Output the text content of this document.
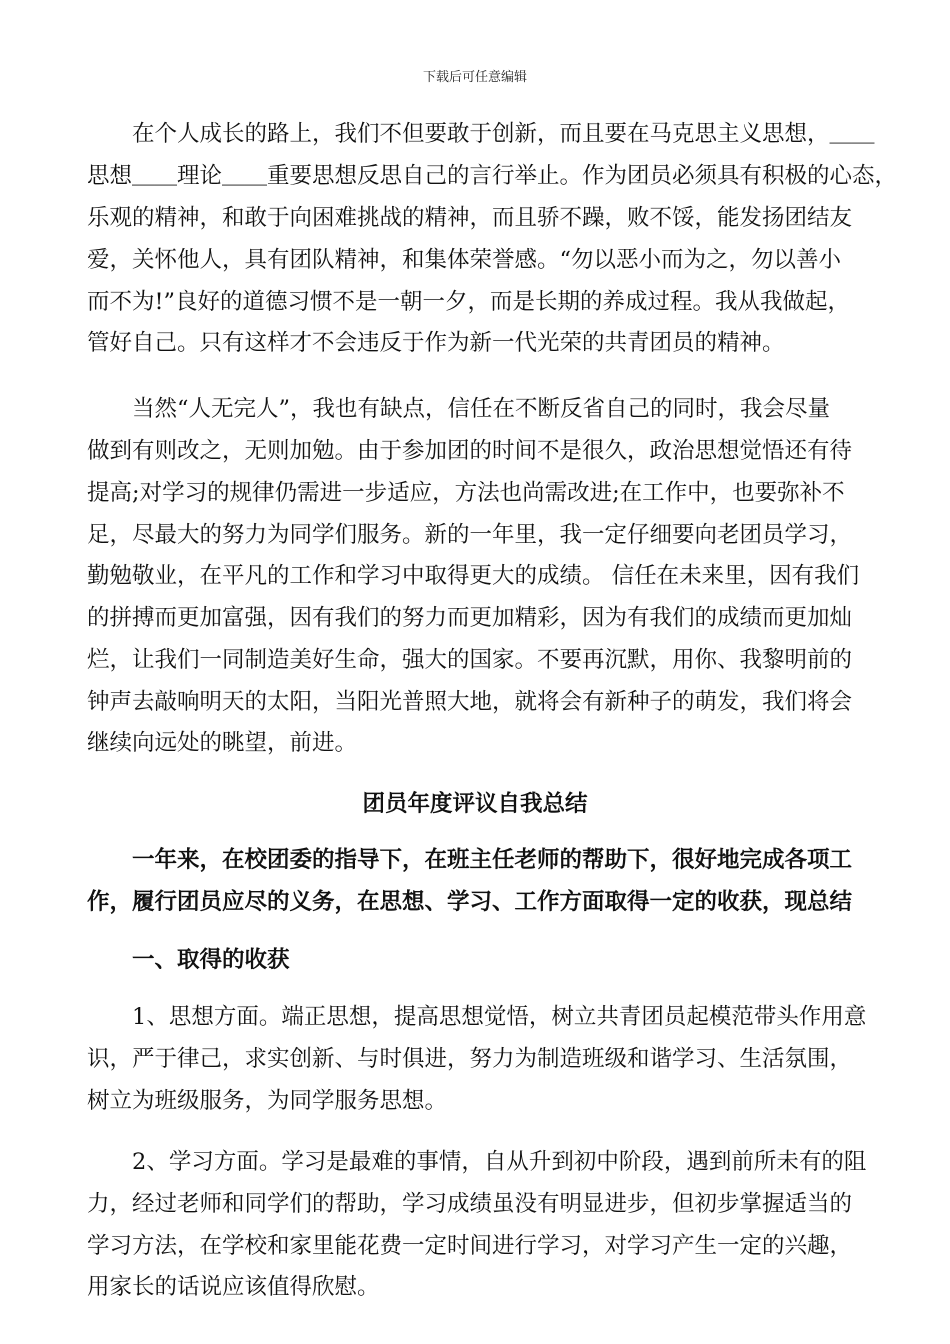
下载后可任意编辑
　　在个人成长的路上，我们不但要敢于创新，而且要在马克思主义思想，＿＿
思想＿＿理论＿＿重要思想反思自己的言行举止。作为团员必须具有积极的心态，
乐观的精神，和敢于向困难挑战的精神，而且骄不躁，败不馁，能发扬团结友
爱，关怀他人，具有团队精神，和集体荣誉感。“勿以恶小而为之，勿以善小
而不为!”良好的道德习惯不是一朝一夕，而是长期的养成过程。我从我做起，
管好自己。只有这样才不会违反于作为新一代光荣的共青团员的精神。
　　当然“人无完人”，我也有缺点，信任在不断反省自己的同时，我会尽量
做到有则改之，无则加勉。由于参加团的时间不是很久，政治思想觉悟还有待
提高;对学习的规律仍需进一步适应，方法也尚需改进;在工作中，也要弥补不
足，尽最大的努力为同学们服务。新的一年里，我一定仔细要向老团员学习，
勤勉敬业，在平凡的工作和学习中取得更大的成绩。 信任在未来里，因有我们
的拼搏而更加富强，因有我们的努力而更加精彩，因为有我们的成绩而更加灿
烂，让我们一同制造美好生命，强大的国家。不要再沉默，用你、我黎明前的
钟声去敲响明天的太阳，当阳光普照大地，就将会有新种子的萌发，我们将会
继续向远处的眺望，前进。
团员年度评议自我总结
　　一年来，在校团委的指导下，在班主任老师的帮助下，很好地完成各项工
作，履行团员应尽的义务，在思想、学习、工作方面取得一定的收获，现总结
　　一、取得的收获
　　1、思想方面。端正思想，提高思想觉悟，树立共青团员起模范带头作用意
识，严于律己，求实创新、与时俱进，努力为制造班级和谐学习、生活氛围，
树立为班级服务，为同学服务思想。
　　2、学习方面。学习是最难的事情，自从升到初中阶段，遇到前所未有的阻
力，经过老师和同学们的帮助，学习成绩虽没有明显进步，但初步掌握适当的
学习方法，在学校和家里能花费一定时间进行学习，对学习产生一定的兴趣，
用家长的话说应该值得欣慰。
